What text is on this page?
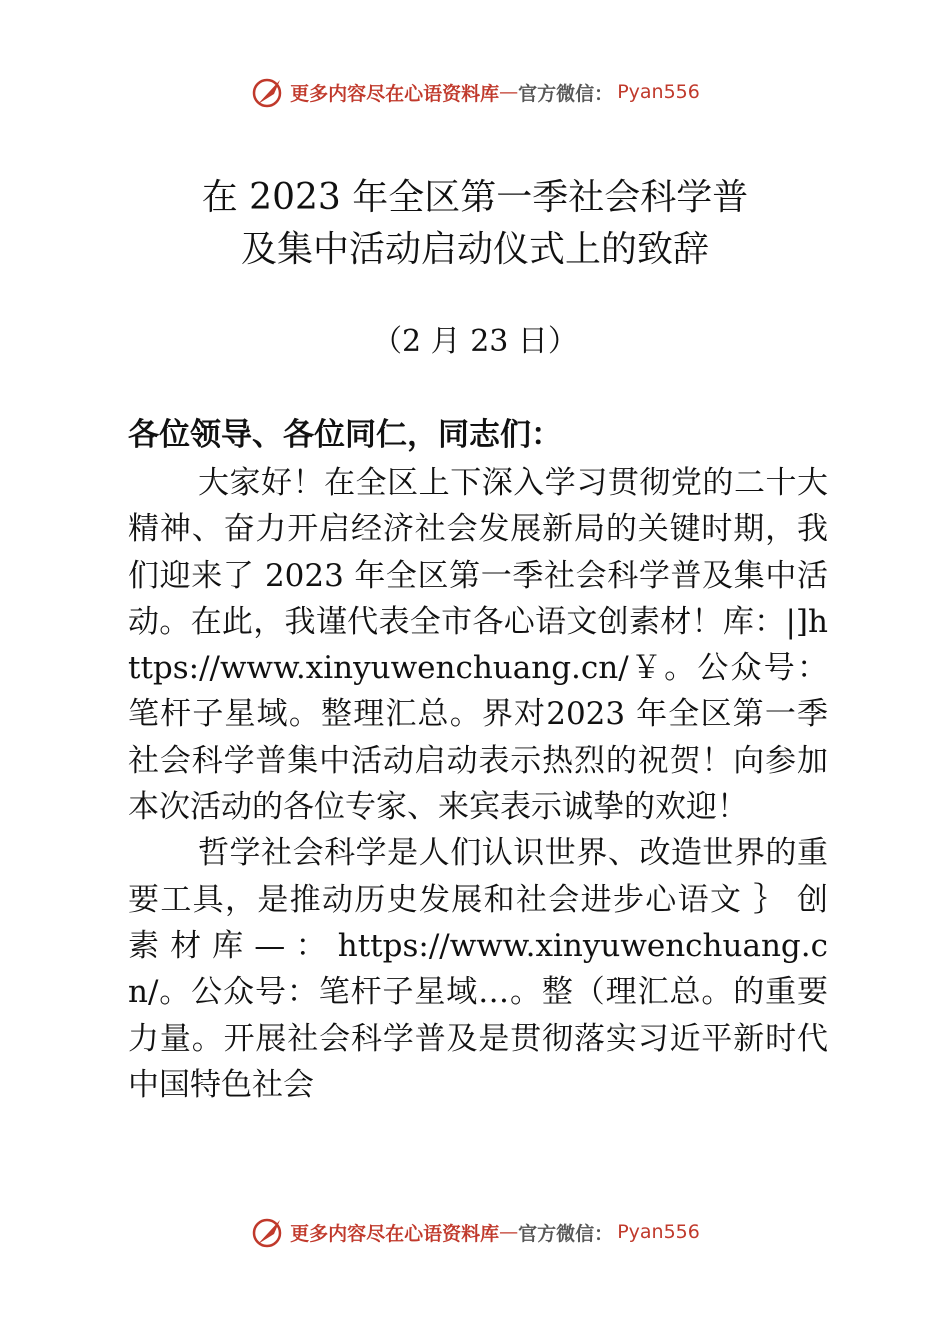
更多内容尽在心语资料库 — 官方微信： Pyan556
在 2023 年全区第一季社会科学普
及集中活动启动仪式上的致辞
（2 月 23 日）
各位领导、各位同仁，同志们：

大家好！在全区上下深入学习贯彻党的二十大精神、奋力开启经济社会发展新局的关键时期，我们迎来了 2023 年全区第一季社会科学普及集中活动。在此，我谨代表全市各心语文创素材！库：|]https://www.xinyuwenchuang.cn/￥。公众号：笔杆子星域。整理汇总。界对2023 年全区第一季社会科学普集中活动启动表示热烈的祝贺！向参加本次活动的各位专家、来宾表示诚挚的欢迎！

哲学社会科学是人们认识世界、改造世界的重要工具，是推动历史发展和社会进步心语文 ｝ 创 素 材 库 — ： https://www.xinyuwenchuang.cn/。公众号：笔杆子星域…。整（理汇总。的重要力量。开展社会科学普及是贯彻落实习近平新时代中国特色社会

更多内容尽在心语资料库 — 官方微信： Pyan556
